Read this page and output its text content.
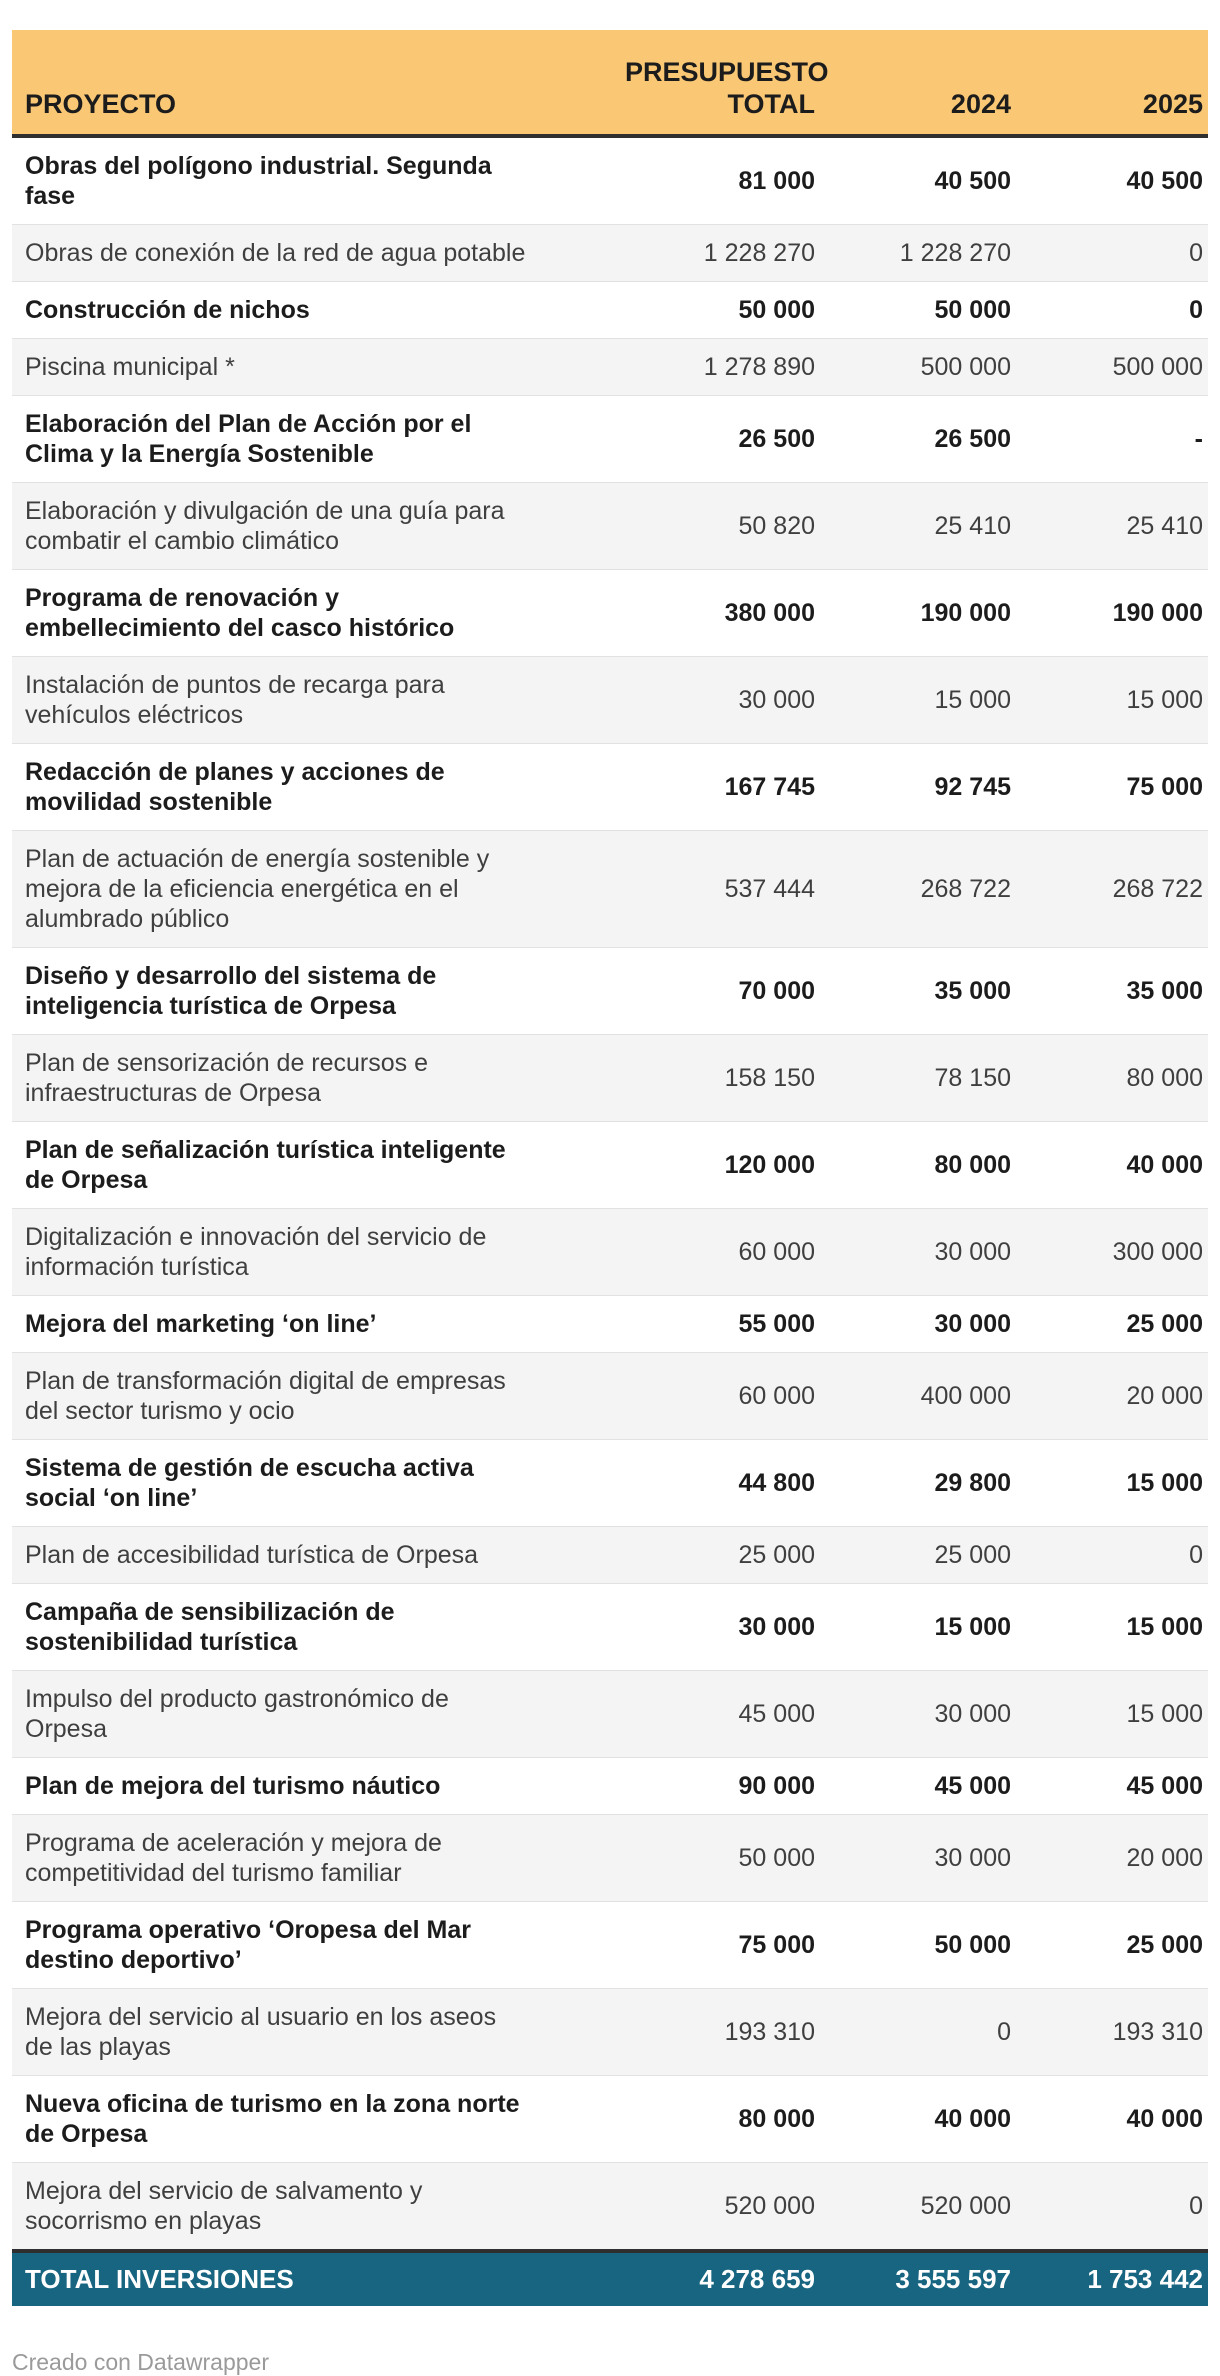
PROYECTO	PRESUPUESTO TOTAL	2024	2025
Obras del polígono industrial. Segunda fase	81 000	40 500	40 500
Obras de conexión de la red de agua potable	1 228 270	1 228 270	0
Construcción de nichos	50 000	50 000	0
Piscina municipal *	1 278 890	500 000	500 000
Elaboración del Plan de Acción por el Clima y la Energía Sostenible	26 500	26 500	-
Elaboración y divulgación de una guía para combatir el cambio climático	50 820	25 410	25 410
Programa de renovación y embellecimiento del casco histórico	380 000	190 000	190 000
Instalación de puntos de recarga para vehículos eléctricos	30 000	15 000	15 000
Redacción de planes y acciones de movilidad sostenible	167 745	92 745	75 000
Plan de actuación de energía sostenible y mejora de la eficiencia energética en el alumbrado público	537 444	268 722	268 722
Diseño y desarrollo del sistema de inteligencia turística de Orpesa	70 000	35 000	35 000
Plan de sensorización de recursos e infraestructuras de Orpesa	158 150	78 150	80 000
Plan de señalización turística inteligente de Orpesa	120 000	80 000	40 000
Digitalización e innovación del servicio de información turística	60 000	30 000	300 000
Mejora del marketing ‘on line’	55 000	30 000	25 000
Plan de transformación digital de empresas del sector turismo y ocio	60 000	400 000	20 000
Sistema de gestión de escucha activa social ‘on line’	44 800	29 800	15 000
Plan de accesibilidad turística de Orpesa	25 000	25 000	0
Campaña de sensibilización de sostenibilidad turística	30 000	15 000	15 000
Impulso del producto gastronómico de Orpesa	45 000	30 000	15 000
Plan de mejora del turismo náutico	90 000	45 000	45 000
Programa de aceleración y mejora de competitividad del turismo familiar	50 000	30 000	20 000
Programa operativo ‘Oropesa del Mar destino deportivo’	75 000	50 000	25 000
Mejora del servicio al usuario en los aseos de las playas	193 310	0	193 310
Nueva oficina de turismo en la zona norte de Orpesa	80 000	40 000	40 000
Mejora del servicio de salvamento y socorrismo en playas	520 000	520 000	0
TOTAL INVERSIONES	4 278 659	3 555 597	1 753 442

Creado con Datawrapper
